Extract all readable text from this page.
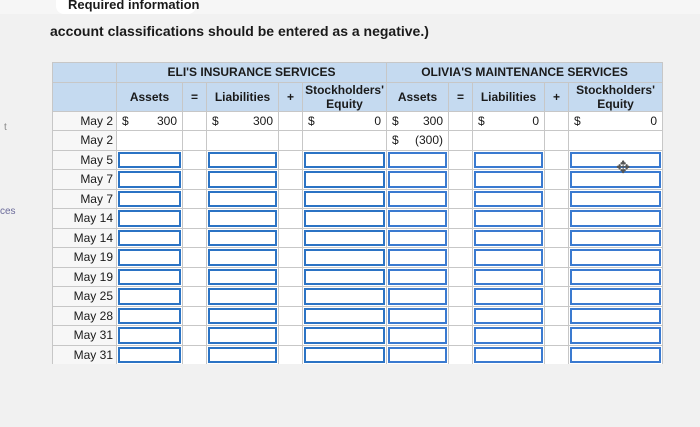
Required information
account classifications should be entered as a negative.)
t
ces
	ELI'S INSURANCE SERVICES					OLIVIA'S MAINTENANCE SERVICES				
	Assets	=	Liabilities	+	Stockholders' Equity	Assets	=	Liabilities	+	Stockholders' Equity
May 2	$ 300		$ 300		$ 0	$ 300		$ 0		$ 0

May 2						$ (300)				

May 5	

May 7	

May 7	

May 14	

May 14	

May 19	

May 19	

May 25	

May 28	

May 31	

May 31	

✥
